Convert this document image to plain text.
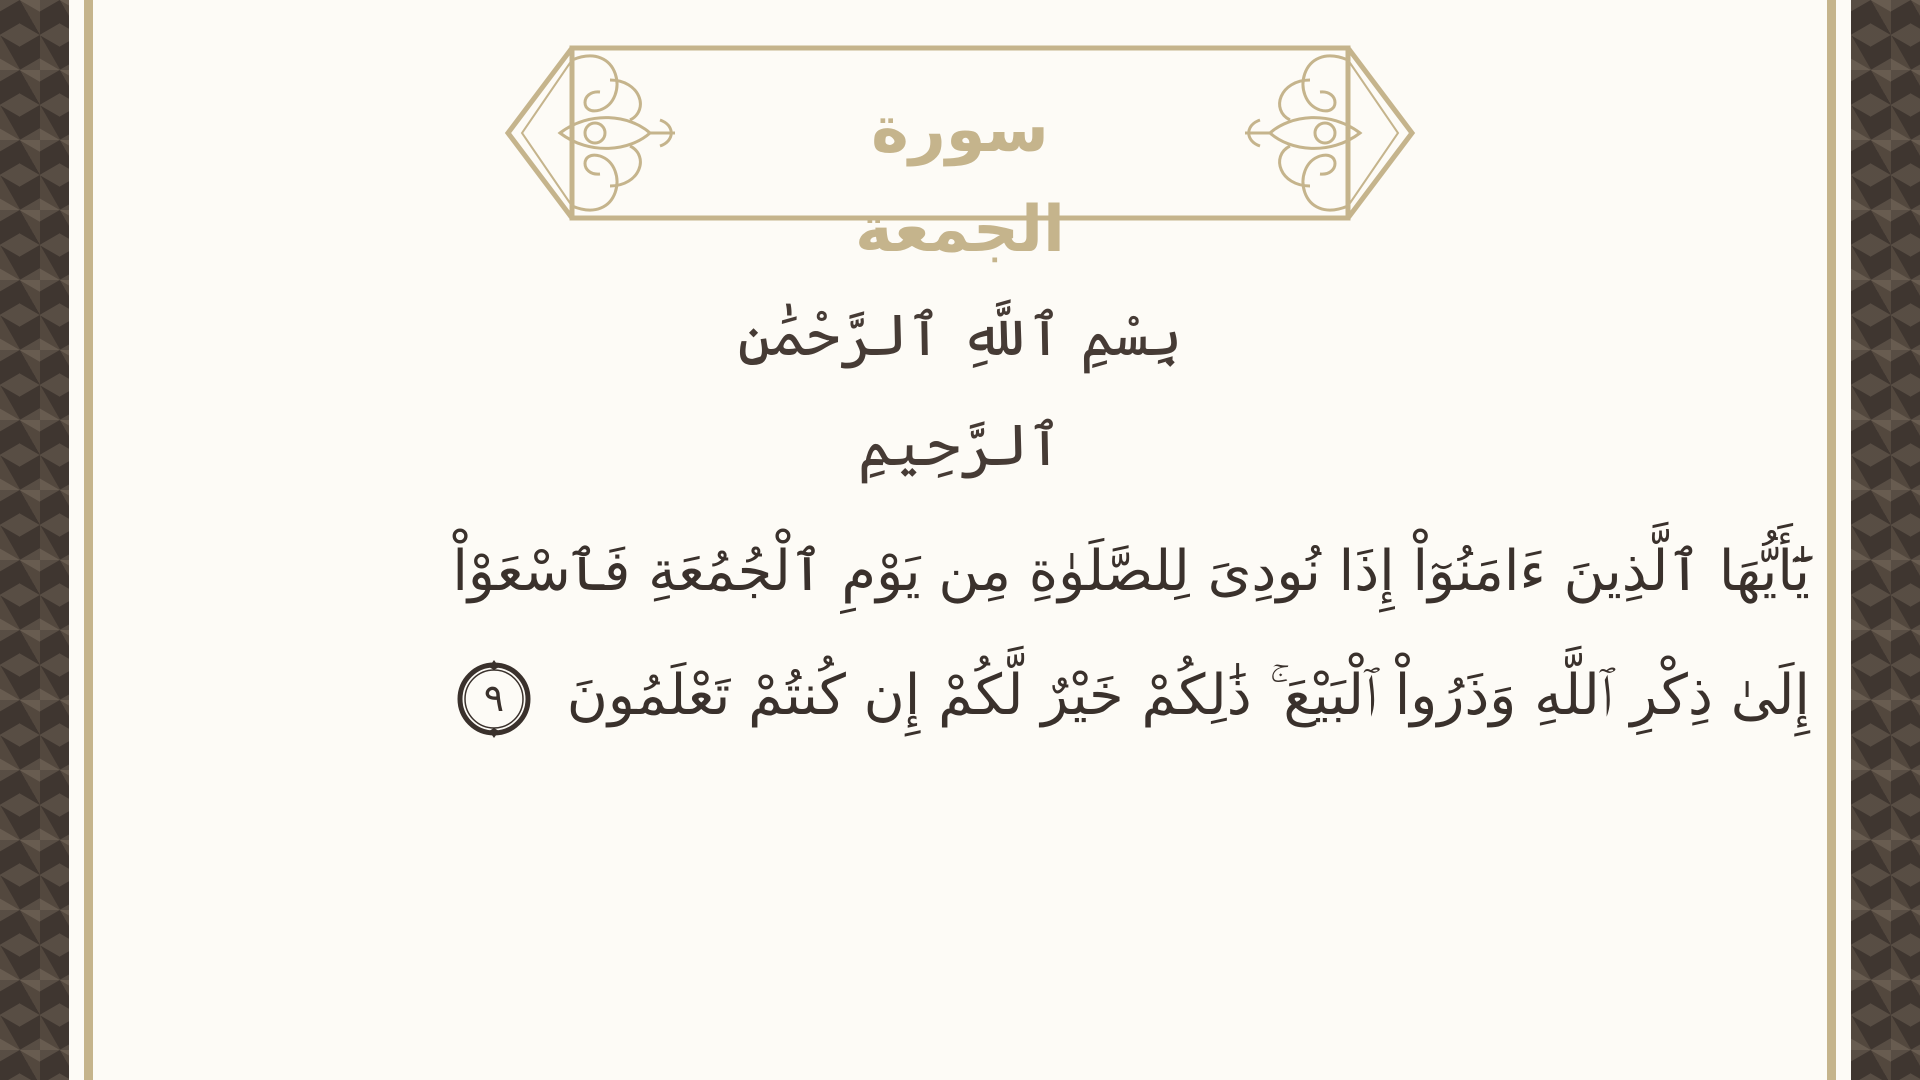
سورة الجمعة
بِسْمِ ٱللَّهِ ٱلرَّحْمَٰنِ ٱلرَّحِيمِ
يَٰٓأَيُّهَا ٱلَّذِينَ ءَامَنُوٓاْ إِذَا نُودِىَ لِلصَّلَوٰةِ مِن يَوْمِ ٱلْجُمُعَةِ فَٱسْعَوْاْ
إِلَىٰ ذِكْرِ ٱللَّهِ وَذَرُواْ ٱلْبَيْعَ ۚ ذَٰلِكُمْ خَيْرٌ لَّكُمْ إِن كُنتُمْ تَعْلَمُونَ
٩
